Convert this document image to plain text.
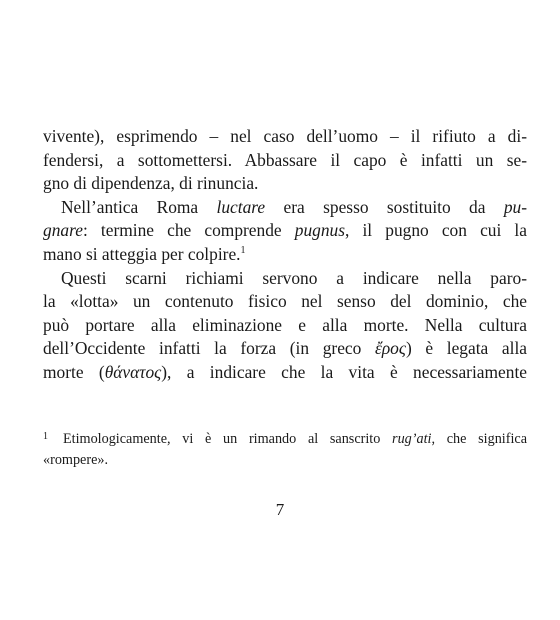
vivente), esprimendo – nel caso dell’uomo – il rifiuto a di-
fendersi, a sottomettersi. Abbassare il capo è infatti un se-
gno di dipendenza, di rinuncia.
Nell’antica Roma luctare era spesso sostituito da pu-
gnare: termine che comprende pugnus, il pugno con cui la
mano si atteggia per colpire.$^1$
Questi scarni richiami servono a indicare nella paro-
la «lotta» un contenuto fisico nel senso del dominio, che
può portare alla eliminazione e alla morte. Nella cultura
dell’Occidente infatti la forza (in greco ἔρος) è legata alla
morte (θάνατος), a indicare che la vita è necessariamente
1 Etimologicamente, vi è un rimando al sanscrito rug’ati, che significa
«rompere».
7
